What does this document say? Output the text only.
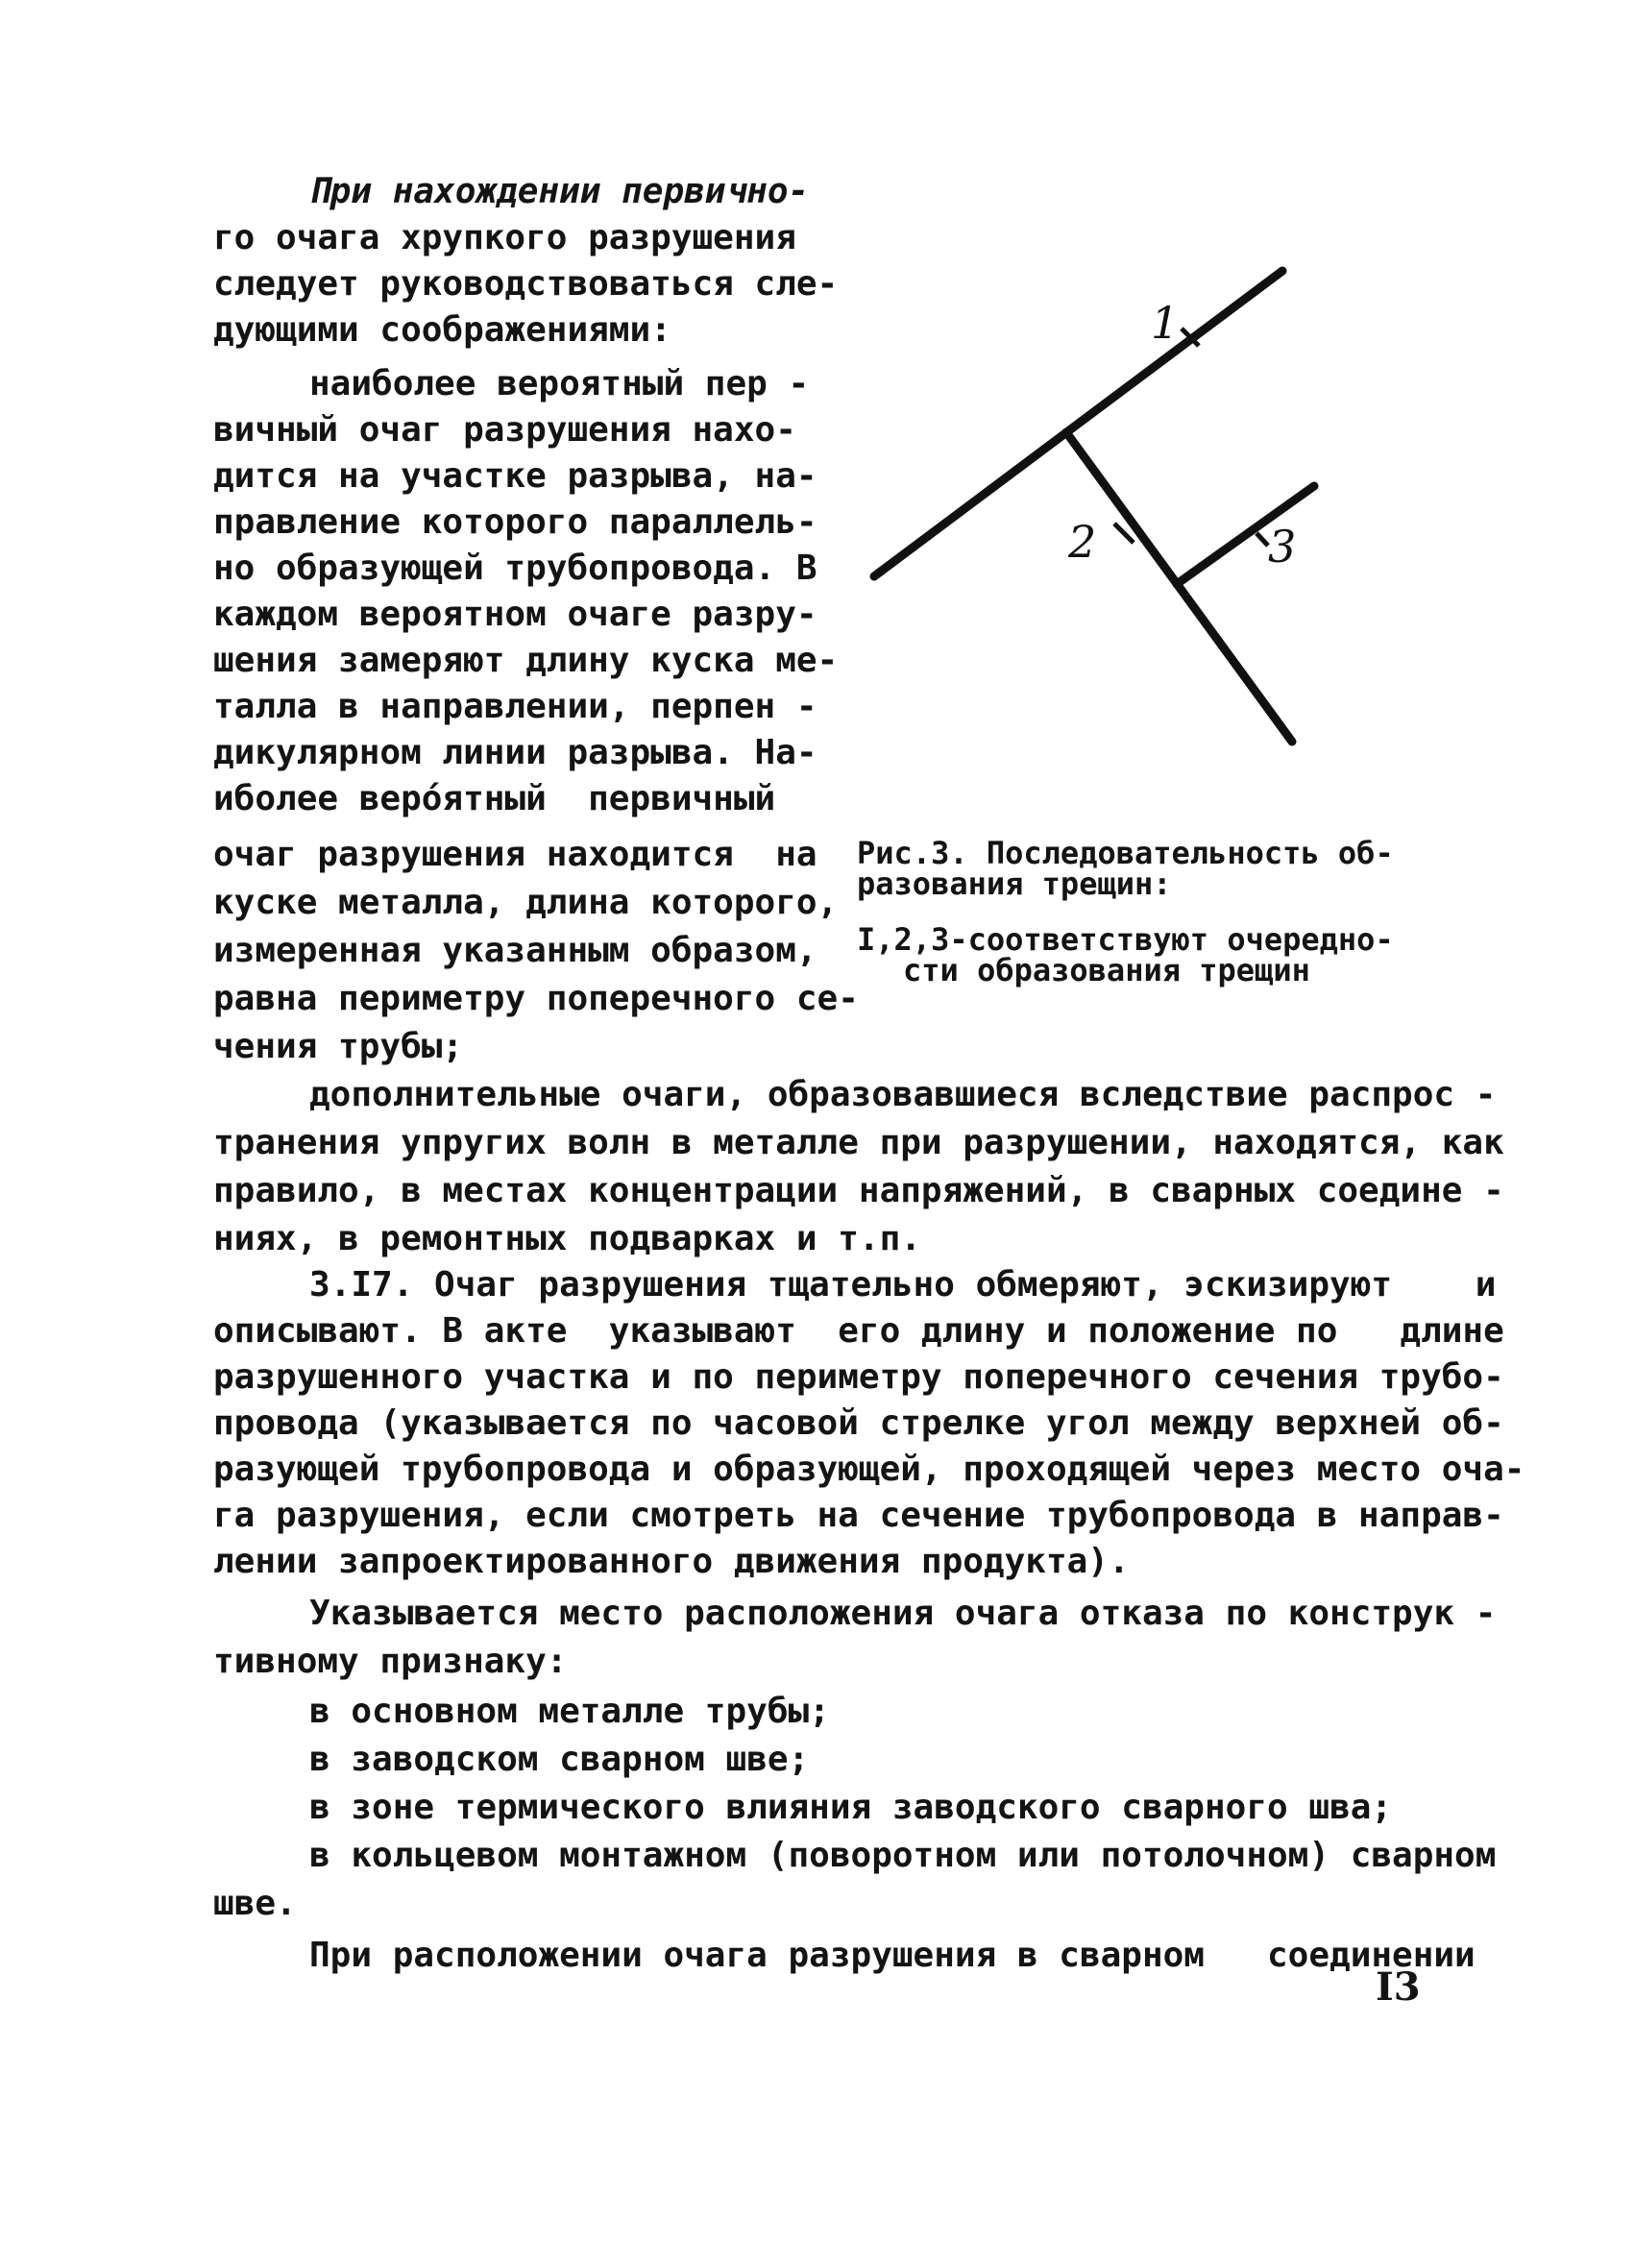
При нахождении первично-
го очага хрупкого разрушения
следует руководствоваться сле-
дующими соображениями:
наиболее вероятный пер -
вичный очаг разрушения нахо-
дится на участке разрыва, на-
правление которого параллель-
но образующей трубопровода. В
каждом вероятном очаге разру-
шения замеряют длину куска ме-
талла в направлении, перпен -
дикулярном линии разрыва. На-
иболее верóятный  первичный
очаг разрушения находится  на
куске металла, длина которого,
измеренная указанным образом,
равна периметру поперечного се-
чения трубы;
1
2	3
Рис.3. Последовательность об-
разования трещин:
I,2,3-соответствуют очередно-
сти образования трещин
дополнительные очаги, образовавшиеся вследствие распрос -
транения упругих волн в металле при разрушении, находятся, как
правило, в местах концентрации напряжений, в сварных соедине -
ниях, в ремонтных подварках и т.п.
3.I7. Очаг разрушения тщательно обмеряют, эскизируют    и
описывают. В акте  указывают  его длину и положение по   длине
разрушенного участка и по периметру поперечного сечения трубо-
провода (указывается по часовой стрелке угол между верхней об-
разующей трубопровода и образующей, проходящей через место оча-
га разрушения, если смотреть на сечение трубопровода в направ-
лении запроектированного движения продукта).
Указывается место расположения очага отказа по конструк -
тивному признаку:
в основном металле трубы;
в заводском сварном шве;
в зоне термического влияния заводского сварного шва;
в кольцевом монтажном (поворотном или потолочном) сварном
шве.
При расположении очага разрушения в сварном   соединении
I3
